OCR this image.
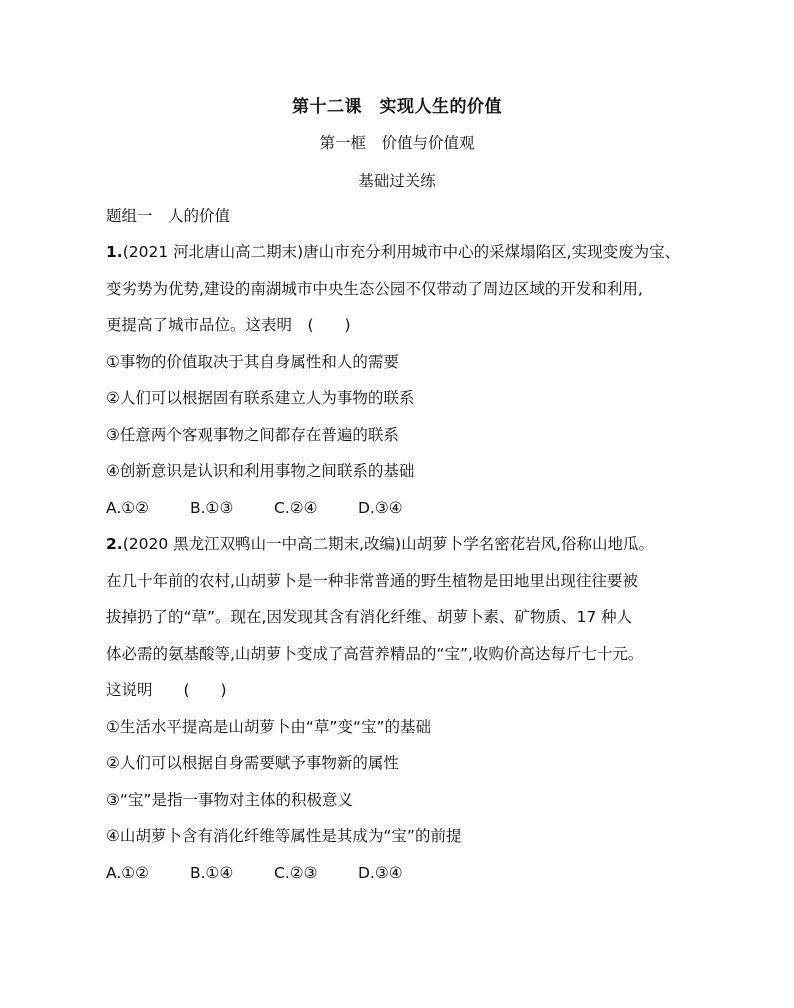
第十二课　实现人生的价值
第一框　价值与价值观
基础过关练
题组一　人的价值
1.(2021 河北唐山高二期末)唐山市充分利用城市中心的采煤塌陷区,实现变废为宝、
变劣势为优势,建设的南湖城市中央生态公园不仅带动了周边区域的开发和利用,
更提高了城市品位。这表明　(　　)
①事物的价值取决于其自身属性和人的需要
②人们可以根据固有联系建立人为事物的联系
③任意两个客观事物之间都存在普遍的联系
④创新意识是认识和利用事物之间联系的基础
A.①②	B.①③	C.②④	D.③④
2.(2020 黑龙江双鸭山一中高二期末,改编)山胡萝卜学名密花岩风,俗称山地瓜。
在几十年前的农村,山胡萝卜是一种非常普通的野生植物是田地里出现往往要被
拔掉扔了的“草”。现在,因发现其含有消化纤维、胡萝卜素、矿物质、17 种人
体必需的氨基酸等,山胡萝卜变成了高营养精品的“宝”,收购价高达每斤七十元。
这说明　　(　　)
①生活水平提高是山胡萝卜由“草”变“宝”的基础
②人们可以根据自身需要赋予事物新的属性
③“宝”是指一事物对主体的积极意义
④山胡萝卜含有消化纤维等属性是其成为“宝”的前提
A.①②	B.①④	C.②③	D.③④
